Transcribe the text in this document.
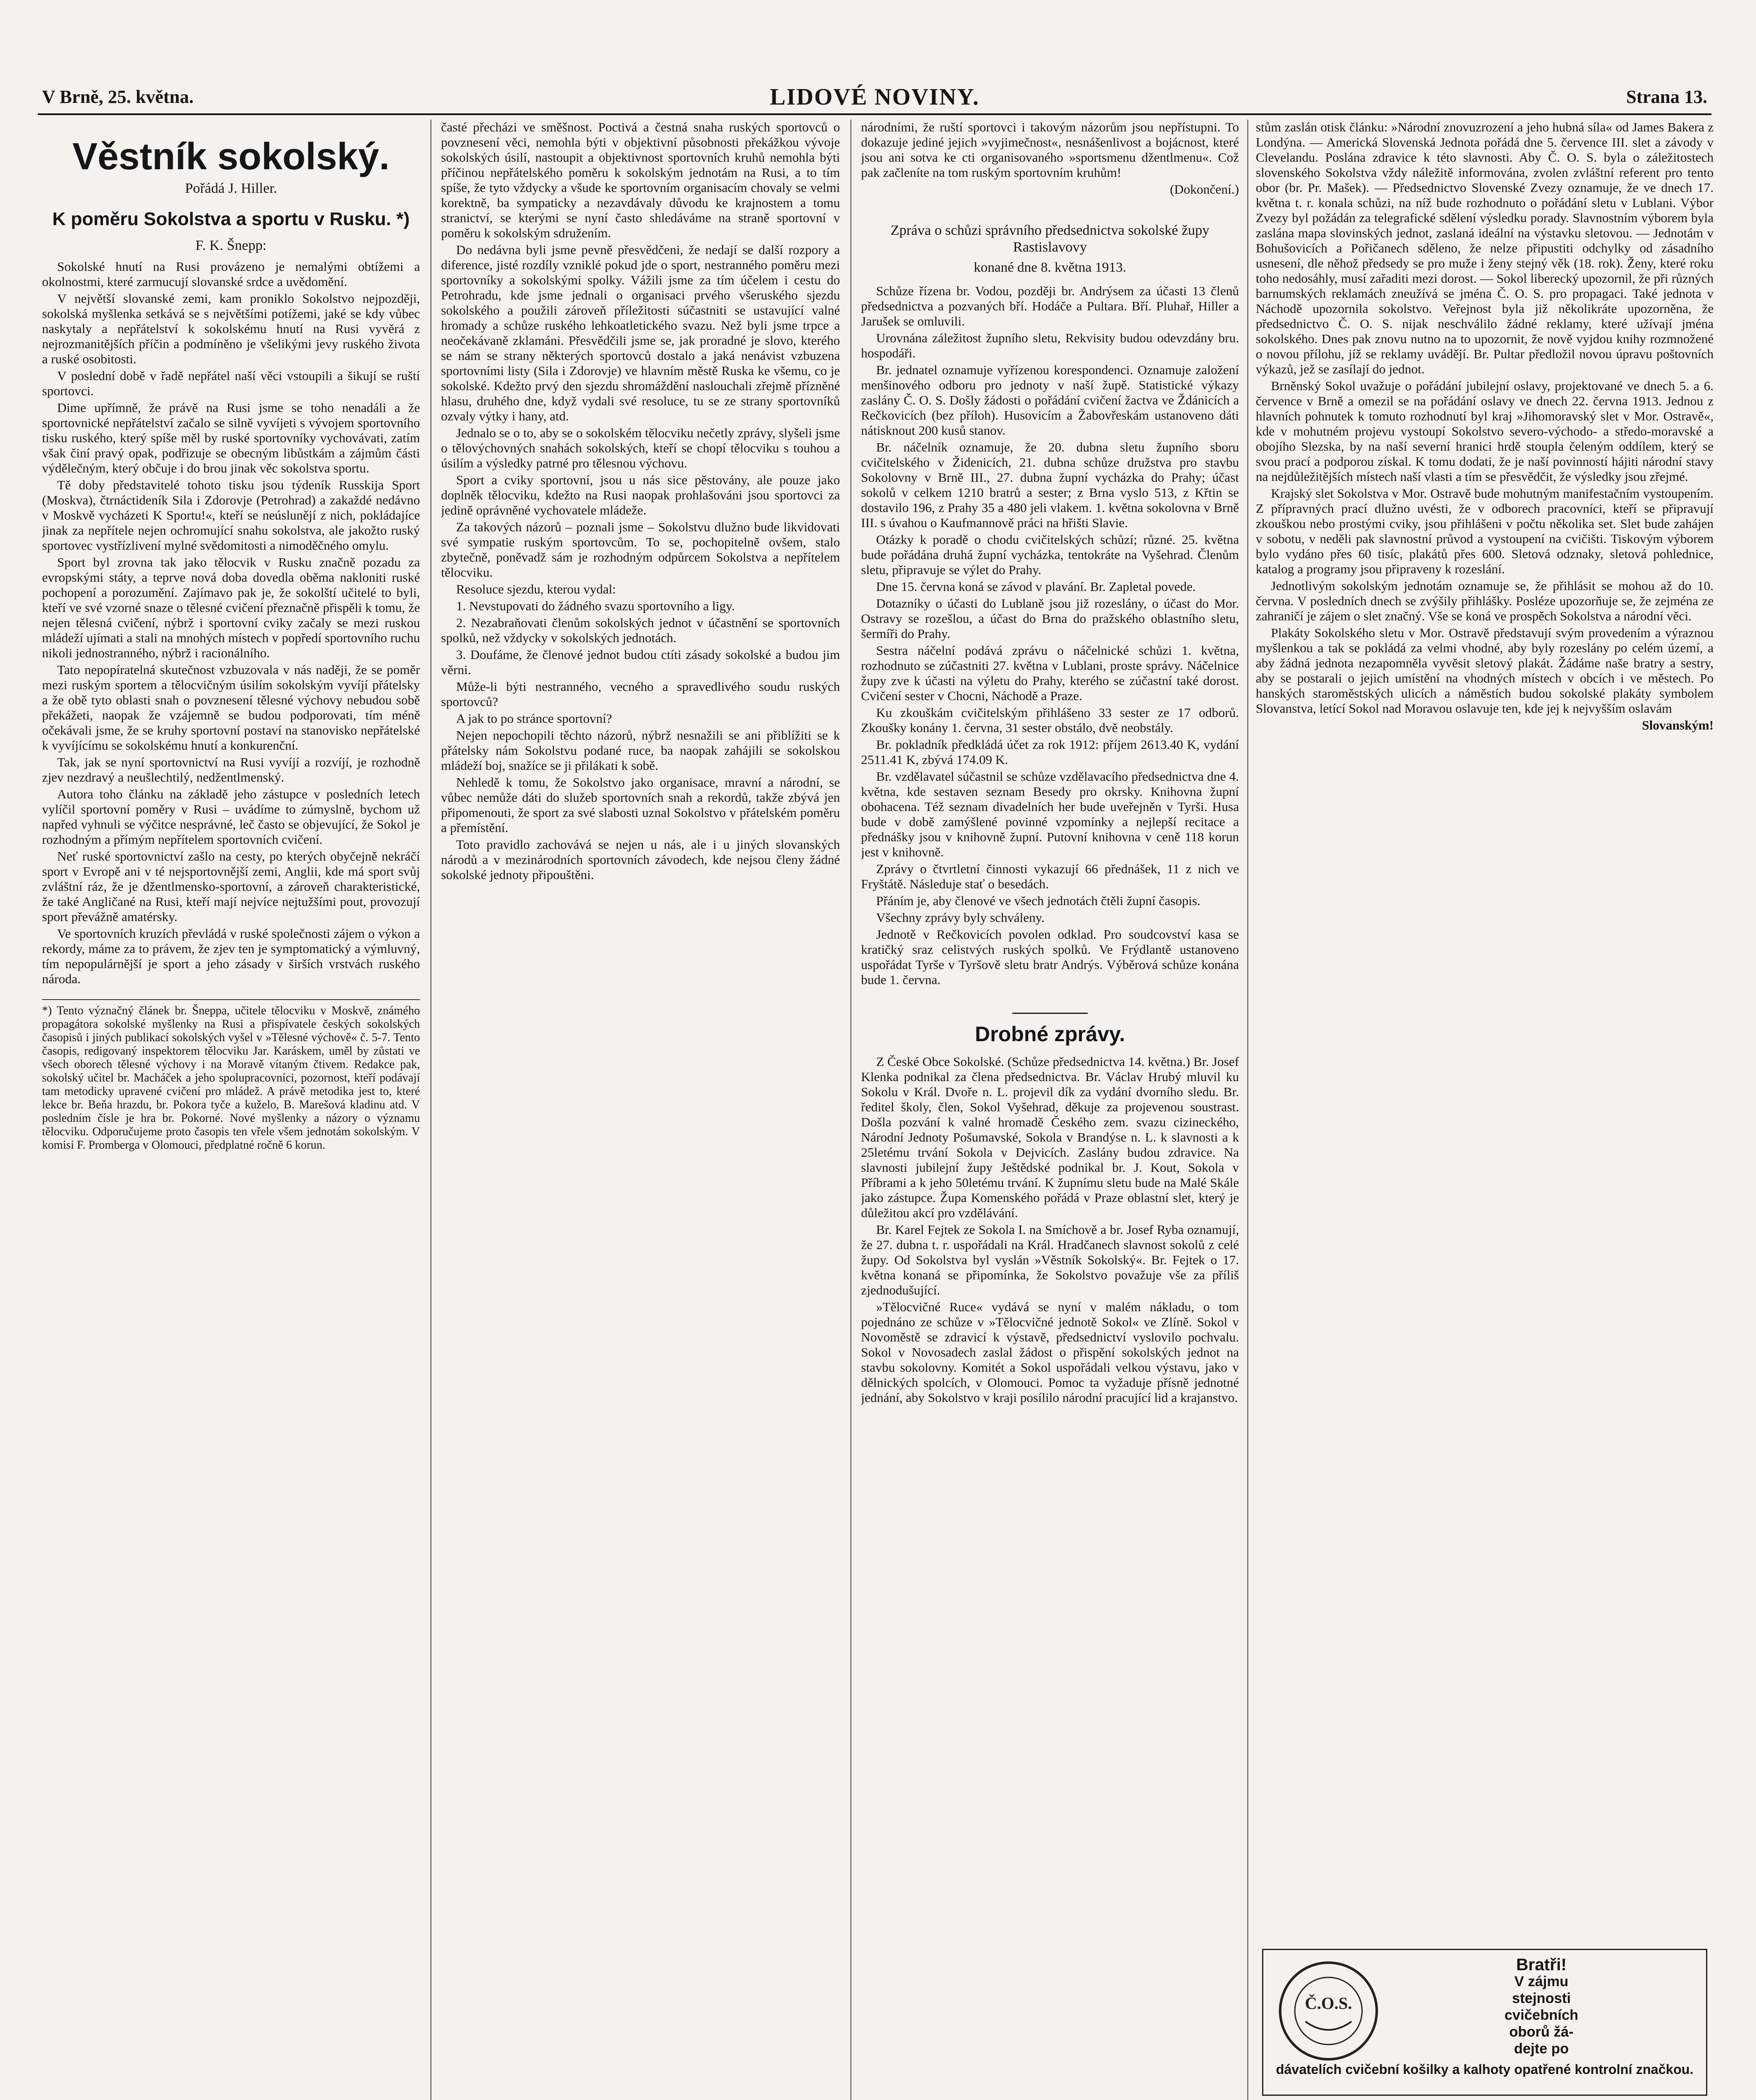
V Brně, 25. května.	LIDOVÉ NOVINY.	Strana 13.
Věstník sokolský.
Pořádá J. Hiller.
K poměru Sokolstva a sportu v Rusku. *)
F. K. Šnepp:

Sokolské hnutí na Rusi provázeno je nemalými obtížemi a okolnostmi, které zarmucují slovanské srdce a uvědomění.

V největší slovanské zemi, kam proniklo Sokolstvo nejpozději, sokolská myšlenka setkává se s největšími potížemi, jaké se kdy vůbec naskytaly a nepřátelství k sokolskému hnutí na Rusi vyvěrá z nejrozmanitějších příčin a podmíněno je všelikými jevy ruského života a ruské osobitosti.

V poslední době v řadě nepřátel naší věci vstoupili a šikují se ruští sportovci.

Dime upřímně, že právě na Rusi jsme se toho nenadáli a že sportovnické nepřátelství začalo se silně vyvíjeti s vývojem sportovního tisku ruského, který spíše měl by ruské sportovníky vychovávati, zatím však činí pravý opak, podřizuje se obecným libůstkám a zájmům části výdělečným, který občuje i do brou jinak věc sokolstva sportu.

Tě doby představitelé tohoto tisku jsou týdeník Russkija Sport (Moskva), čtrnáctideník Sila i Zdorovje (Petrohrad) a zakaždé nedávno v Moskvě vycházeti K Sportu!«, kteří se neúslunějí z nich, pokládajíce jinak za nepřítele nejen ochromující snahu sokolstva, ale jakožto ruský sportovec vystřízlivení mylné svědomitosti a nimoděčného omylu.

Sport byl zrovna tak jako tělocvik v Rusku značně pozadu za evropskými státy, a teprve nová doba dovedla oběma nakloniti ruské pochopení a porozumění. Zajímavo pak je, že sokolští učitelé to byli, kteří ve své vzorné snaze o tělesné cvičení přeznačně přispěli k tomu, že nejen tělesná cvičení, nýbrž i sportovní cviky začaly se mezi ruskou mládeží ujímati a stali na mnohých místech v popředí sportovního ruchu nikoli jednostranného, nýbrž i racionálního.

Tato nepopíratelná skutečnost vzbuzovala v nás naději, že se poměr mezi ruským sportem a tělocvičným úsilím sokolským vyvíjí přátelsky a že obě tyto oblasti snah o povznesení tělesné výchovy nebudou sobě překážeti, naopak že vzájemně se budou podporovati, tím méně očekávali jsme, že se kruhy sportovní postaví na stanovisko nepřátelské k vyvíjícímu se sokolskému hnutí a konkurenční.

Tak, jak se nyní sportovnictví na Rusi vyvíjí a rozvíjí, je rozhodně zjev nezdravý a neušlechtilý, nedžentlmenský.

Autora toho článku na základě jeho zástupce v posledních letech vylíčil sportovní poměry v Rusi – uvádíme to zúmyslně, bychom už napřed vyhnuli se výčitce nesprávné, leč často se objevující, že Sokol je rozhodným a přímým nepřítelem sportovních cvičení.

Neť ruské sportovnictví zašlo na cesty, po kterých obyčejně nekráčí sport v Evropě ani v té nejsportovnější zemi, Anglii, kde má sport svůj zvláštní ráz, že je džentlmensko-sportovní, a zároveň charakteristické, že také Angličané na Rusi, kteří mají nejvíce nejtužšími pout, provozují sport převážně amatérsky.

Ve sportovních kruzích převládá v ruské společnosti zájem o výkon a rekordy, máme za to právem, že zjev ten je symptomatický a výmluvný, tím nepopulárnější je sport a jeho zásady v širších vrstvách ruského národa.

*) Tento význačný článek br. Šneppa, učitele tělocviku v Moskvě, známého propagátora sokolské myšlenky na Rusi a přispívatele českých sokolských časopisů i jiných publikací sokolských vyšel v »Tělesné výchově« č. 5-7. Tento časopis, redigovaný inspektorem tělocviku Jar. Karáskem, uměl by zůstati ve všech oborech tělesné výchovy i na Moravě vítaným čtivem. Redakce pak, sokolský učitel br. Macháček a jeho spolupracovníci, pozornost, kteří podávají tam metodicky upravené cvičení pro mládež. A právě metodika jest to, které lekce br. Beňa hrazdu, br. Pokora tyče a kuželo, B. Marešová kladinu atd. V posledním čísle je hra br. Pokorné. Nové myšlenky a názory o významu tělocviku. Odporučujeme proto časopis ten vřele všem jednotám sokolským. V komisi F. Promberga v Olomouci, předplatné ročně 6 korun.

časté přecházi ve směšnost. Poctivá a čestná snaha ruských sportovců o povznesení věci, nemohla býti v objektivní působnosti překážkou vývoje sokolských úsilí, nastoupit a objektivnost sportovních kruhů nemohla býti příčinou nepřátelského poměru k sokolským jednotám na Rusi, a to tím spíše, že tyto vždycky a všude ke sportovním organisacím chovaly se velmi korektně, ba sympaticky a nezavdávaly důvodu ke krajnostem a tomu stranictví, se kterými se nyní často shledáváme na straně sportovní v poměru k sokolským sdružením.

Do nedávna byli jsme pevně přesvědčeni, že nedají se další rozpory a diference, jisté rozdíly vzniklé pokud jde o sport, nestranného poměru mezi sportovníky a sokolskými spolky. Vážili jsme za tím účelem i cestu do Petrohradu, kde jsme jednali o organisaci prvého všeruského sjezdu sokolského a použili zároveň příležitosti súčastniti se ustavující valné hromady a schůze ruského lehkoatletického svazu. Než byli jsme trpce a neočekávaně zklamáni. Přesvědčili jsme se, jak proradné je slovo, kterého se nám se strany některých sportovců dostalo a jaká nenávist vzbuzena sportovními listy (Sila i Zdorovje) ve hlavním městě Ruska ke všemu, co je sokolské. Kdežto prvý den sjezdu shromáždění naslouchali zřejmě přízněné hlasu, druhého dne, když vydali své resoluce, tu se ze strany sportovníků ozvaly výtky i hany, atd.

Jednalo se o to, aby se o sokolském tělocviku nečetly zprávy, slyšeli jsme o tělovýchovných snahách sokolských, kteří se chopí tělocviku s touhou a úsilím a výsledky patrné pro tělesnou výchovu.

Sport a cviky sportovní, jsou u nás sice pěstovány, ale pouze jako doplněk tělocviku, kdežto na Rusi naopak prohlašováni jsou sportovci za jedině oprávněné vychovatele mládeže.

Za takových názorů – poznali jsme – Sokolstvu dlužno bude likvidovati své sympatie ruským sportovcům. To se, pochopitelně ovšem, stalo zbytečně, poněvadž sám je rozhodným odpůrcem Sokolstva a nepřítelem tělocviku.

Resoluce sjezdu, kterou vydal:

1. Nevstupovati do žádného svazu sportovního a ligy.

2. Nezabraňovati členům sokolských jednot v účastnění se sportovních spolků, než vždycky v sokolských jednotách.

3. Doufáme, že členové jednot budou ctíti zásady sokolské a budou jim věrni.

Může-li býti nestranného, vecného a spravedlivého soudu ruských sportovců?

A jak to po stránce sportovní?

Nejen nepochopili těchto názorů, nýbrž nesnažili se ani přiblížiti se k přátelsky nám Sokolstvu podané ruce, ba naopak zahájili se sokolskou mládeží boj, snažíce se ji přilákati k sobě.

Nehledě k tomu, že Sokolstvo jako organisace, mravní a národní, se vůbec nemůže dáti do služeb sportovních snah a rekordů, takže zbývá jen připomenouti, že sport za své slabosti uznal Sokolstvo v přátelském poměru a přemístění.

Toto pravidlo zachovává se nejen u nás, ale i u jiných slovanských národů a v mezinárodních sportovních závodech, kde nejsou členy žádné sokolské jednoty připouštěni.

národními, že ruští sportovci i takovým názorům jsou nepřístupni. To dokazuje jediné jejich »vyjimečnost«, nesnášenlivost a bojácnost, které jsou ani sotva ke cti organisovaného »sportsmenu džentlmenu«. Což pak začleníte na tom ruským sportovním kruhům!

(Dokončení.)
Zpráva o schůzi správního předsednictva sokolské župy Rastislavovy
konané dne 8. května 1913.

Schůze řízena br. Vodou, později br. Andrýsem za účasti 13 členů předsednictva a pozvaných bří. Hodáče a Pultara. Bří. Pluhař, Hiller a Jarušek se omluvili.

Urovnána záležitost župního sletu, Rekvisity budou odevzdány bru. hospodáři.

Br. jednatel oznamuje vyřízenou korespondenci. Oznamuje založení menšinového odboru pro jednoty v naší župě. Statistické výkazy zaslány Č. O. S. Došly žádosti o pořádání cvičení žactva ve Ždánicích a Rečkovicích (bez příloh). Husovicím a Žabovřeskám ustanoveno dáti nátisknout 200 kusů stanov.

Br. náčelník oznamuje, že 20. dubna sletu župního sboru cvičitelského v Židenicích, 21. dubna schůze družstva pro stavbu Sokolovny v Brně III., 27. dubna župní vycházka do Prahy; účast sokolů v celkem 1210 bratrů a sester; z Brna vyslo 513, z Křtin se dostavilo 196, z Prahy 35 a 480 jeli vlakem. 1. května sokolovna v Brně III. s úvahou o Kaufmannově práci na hřišti Slavie.

Otázky k poradě o chodu cvičitelských schůzí; různé. 25. května bude pořádána druhá župní vycházka, tentokráte na Vyšehrad. Členům sletu, připravuje se výlet do Prahy.

Dne 15. června koná se závod v plavání. Br. Zapletal povede.

Dotazníky o účasti do Lublaně jsou již rozeslány, o účast do Mor. Ostravy se rozešlou, a účast do Brna do pražského oblastního sletu, šermíři do Prahy.

Sestra náčelní podává zprávu o náčelnické schůzi 1. května, rozhodnuto se zúčastniti 27. května v Lublani, proste správy. Náčelnice župy zve k účasti na výletu do Prahy, kterého se zúčastní také dorost. Cvičení sester v Chocni, Náchodě a Praze.

Ku zkouškám cvičitelským přihlášeno 33 sester ze 17 odborů. Zkoušky konány 1. června, 31 sester obstálo, dvě neobstály.

Br. pokladník předkládá účet za rok 1912: příjem 2613.40 K, vydání 2511.41 K, zbývá 174.09 K.

Br. vzdělavatel súčastnil se schůze vzdělavacího předsednictva dne 4. května, kde sestaven seznam Besedy pro okrsky. Knihovna župní obohacena. Též seznam divadelních her bude uveřejněn v Tyrši. Husa bude v době zamýšlené povinné vzpomínky a nejlepší recitace a přednášky jsou v knihovně župní. Putovní knihovna v ceně 118 korun jest v knihovně.

Zprávy o čtvrtletní činnosti vykazují 66 přednášek, 11 z nich ve Fryštátě. Následuje stať o besedách.

Přáním je, aby členové ve všech jednotách čtěli župní časopis.

Všechny zprávy byly schváleny.

Jednotě v Rečkovicích povolen odklad. Pro soudcovství kasa se kratičký sraz celistvých ruských spolků. Ve Frýdlantě ustanoveno uspořádat Tyrše v Tyršově sletu bratr Andrýs. Výběrová schůze konána bude 1. června.

Drobné zprávy.

Z České Obce Sokolské. (Schůze předsednictva 14. května.) Br. Josef Klenka podnikal za člena předsednictva. Br. Václav Hrubý mluvil ku Sokolu v Král. Dvoře n. L. projevil dík za vydání dvorního sledu. Br. ředitel školy, člen, Sokol Vyšehrad, děkuje za projevenou soustrast. Došla pozvání k valné hromadě Českého zem. svazu cizineckého, Národní Jednoty Pošumavské, Sokola v Brandýse n. L. k slavnosti a k 25letému trvání Sokola v Dejvicích. Zaslány budou zdravice. Na slavnosti jubilejní župy Ještědské podnikal br. J. Kout, Sokola v Příbrami a k jeho 50letému trvání. K župnímu sletu bude na Malé Skále jako zástupce. Župa Komenského pořádá v Praze oblastní slet, který je důležitou akcí pro vzdělávání.

Br. Karel Fejtek ze Sokola I. na Smíchově a br. Josef Ryba oznamují, že 27. dubna t. r. uspořádali na Král. Hradčanech slavnost sokolů z celé župy. Od Sokolstva byl vyslán »Věstník Sokolský«. Br. Fejtek o 17. května konaná se připomínka, že Sokolstvo považuje vše za příliš zjednodušující.

»Tělocvičné Ruce« vydává se nyní v malém nákladu, o tom pojednáno ze schůze v »Tělocvičné jednotě Sokol« ve Zlíně. Sokol v Novoměstě se zdravicí k výstavě, předsednictví vyslovilo pochvalu. Sokol v Novosadech zaslal žádost o přispění sokolských jednot na stavbu sokolovny. Komitét a Sokol uspořádali velkou výstavu, jako v dělnických spolcích, v Olomouci. Pomoc ta vyžaduje přísně jednotné jednání, aby Sokolstvo v kraji posílilo národní pracující lid a krajanstvo.

stům zaslán otisk článku: »Národní znovuzrození a jeho hubná síla« od James Bakera z Londýna. — Americká Slovenská Jednota pořádá dne 5. července III. slet a závody v Clevelandu. Poslána zdravice k této slavnosti. Aby Č. O. S. byla o záležitostech slovenského Sokolstva vždy náležitě informována, zvolen zvláštní referent pro tento obor (br. Pr. Mašek). — Předsednictvo Slovenské Zvezy oznamuje, že ve dnech 17. května t. r. konala schůzi, na níž bude rozhodnuto o pořádání sletu v Lublani. Výbor Zvezy byl požádán za telegrafické sdělení výsledku porady. Slavnostním výborem byla zaslána mapa slovinských jednot, zaslaná ideální na výstavku sletovou. — Jednotám v Bohušovicích a Pořičanech sděleno, že nelze připustiti odchylky od zásadního usnesení, dle něhož předsedy se pro muže i ženy stejný věk (18. rok). Ženy, které roku toho nedosáhly, musí zařaditi mezi dorost. — Sokol liberecký upozornil, že při různých barnumských reklamách zneužívá se jména Č. O. S. pro propagaci. Také jednota v Náchodě upozornila sokolstvo. Veřejnost byla již několikráte upozorněna, že předsednictvo Č. O. S. nijak neschválilo žádné reklamy, které užívají jména sokolského. Dnes pak znovu nutno na to upozornit, že nově vyjdou knihy rozmnožené o novou přílohu, jíž se reklamy uvádějí. Br. Pultar předložil novou úpravu poštovních výkazů, jež se zasílají do jednot.

Brněnský Sokol uvažuje o pořádání jubilejní oslavy, projektované ve dnech 5. a 6. července v Brně a omezil se na pořádání oslavy ve dnech 22. června 1913. Jednou z hlavních pohnutek k tomuto rozhodnutí byl kraj »Jihomoravský slet v Mor. Ostravě«, kde v mohutném projevu vystoupí Sokolstvo severo-východo- a středo-moravské a obojího Slezska, by na naší severní hranici hrdě stoupla čeleným oddílem, který se svou prací a podporou získal. K tomu dodati, že je naší povinností hájiti národní stavy na nejdůležitějších místech naší vlasti a tím se přesvědčit, že výsledky jsou zřejmé.

Krajský slet Sokolstva v Mor. Ostravě bude mohutným manifestačním vystoupením. Z přípravných prací dlužno uvésti, že v odborech pracovníci, kteří se připravují zkouškou nebo prostými cviky, jsou přihlášeni v počtu několika set. Slet bude zahájen v sobotu, v neděli pak slavnostní průvod a vystoupení na cvičišti. Tiskovým výborem bylo vydáno přes 60 tisíc, plakátů přes 600. Sletová odznaky, sletová pohlednice, katalog a programy jsou připraveny k rozeslání.

Jednotlivým sokolským jednotám oznamuje se, že přihlásit se mohou až do 10. června. V posledních dnech se zvýšily přihlášky. Posléze upozorňuje se, že zejména ze zahraničí je zájem o slet značný. Vše se koná ve prospěch Sokolstva a národní věci.

Plakáty Sokolského sletu v Mor. Ostravě představují svým provedením a výraznou myšlenkou a tak se pokládá za velmi vhodné, aby byly rozeslány po celém území, a aby žádná jednota nezapomněla vyvěsit sletový plakát. Žádáme naše bratry a sestry, aby se postarali o jejich umístění na vhodných místech v obcích i ve městech. Po hanských staroměstských ulicích a náměstích budou sokolské plakáty symbolem Slovanstva, letící Sokol nad Moravou oslavuje ten, kde jej k nejvyšším oslavám

Slovanským!

Č.O.S.
Bratři!
V zájmu
stejnosti
cvičebních
oborů žá-
dejte po
dávatelích cvičební košilky a kalhoty opatřené kontrolní značkou.
